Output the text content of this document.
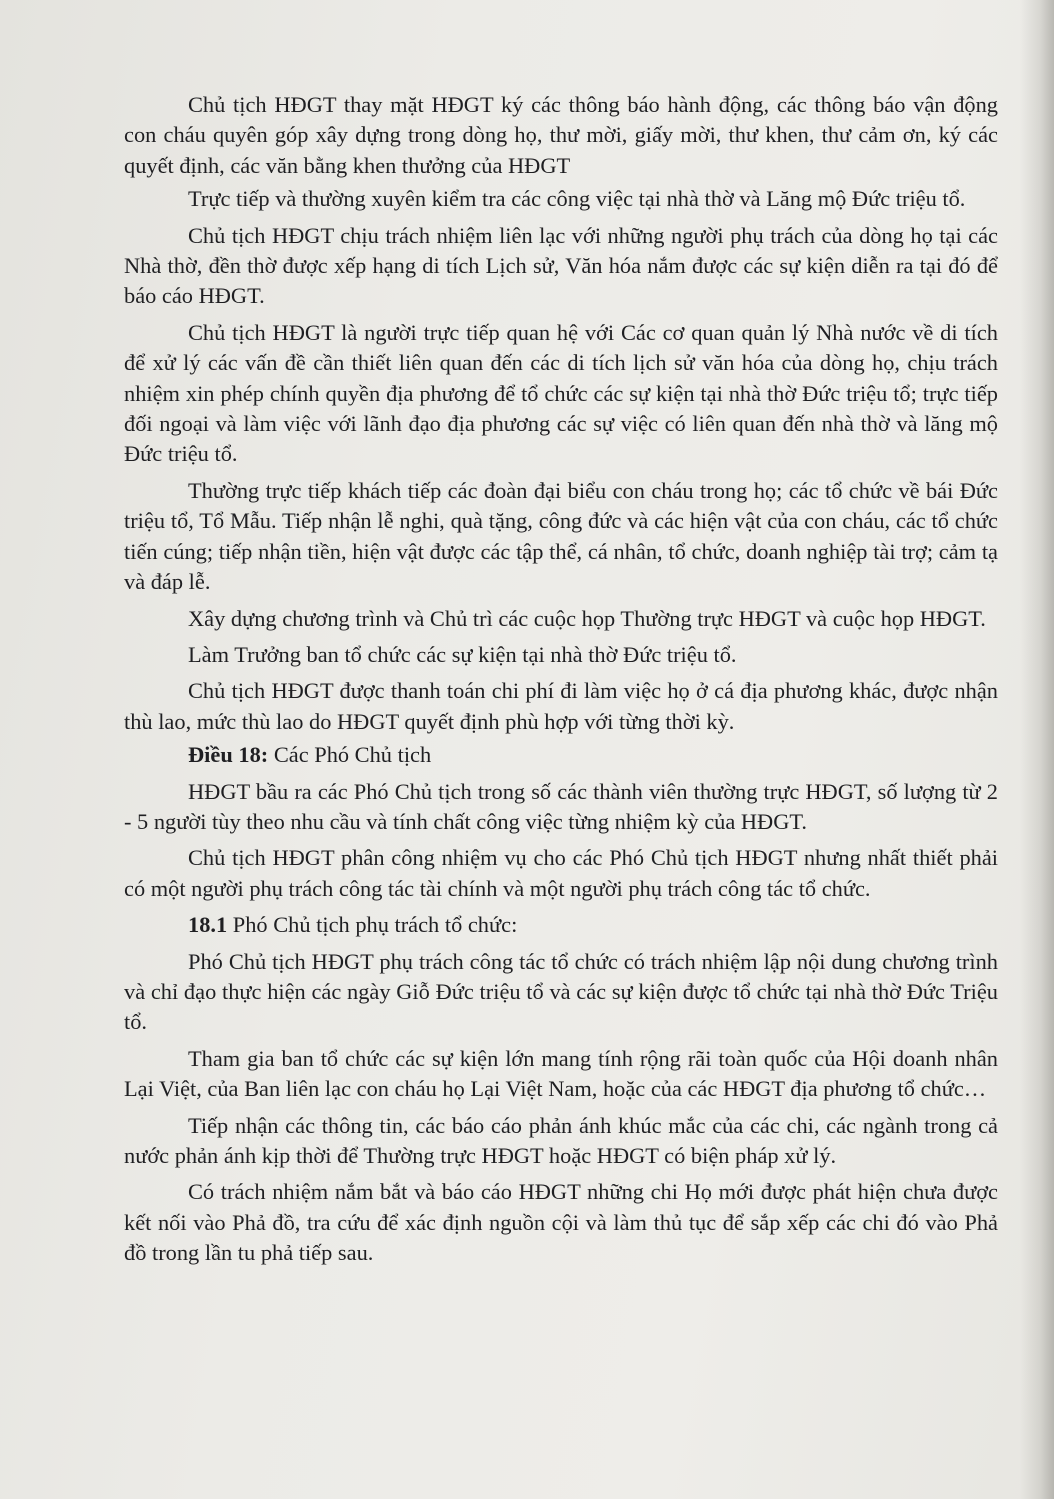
Chủ tịch HĐGT thay mặt HĐGT ký các thông báo hành động, các thông báo vận động con cháu quyên góp xây dựng trong dòng họ, thư mời, giấy mời, thư khen, thư cảm ơn, ký các quyết định, các văn bằng khen thưởng của HĐGT

Trực tiếp và thường xuyên kiểm tra các công việc tại nhà thờ và Lăng mộ Đức triệu tổ.

Chủ tịch HĐGT chịu trách nhiệm liên lạc với những người phụ trách của dòng họ tại các Nhà thờ, đền thờ được xếp hạng di tích Lịch sử, Văn hóa nắm được các sự kiện diễn ra tại đó để báo cáo HĐGT.

Chủ tịch HĐGT là người trực tiếp quan hệ với Các cơ quan quản lý Nhà nước về di tích để xử lý các vấn đề cần thiết liên quan đến các di tích lịch sử văn hóa của dòng họ, chịu trách nhiệm xin phép chính quyền địa phương để tổ chức các sự kiện tại nhà thờ Đức triệu tổ; trực tiếp đối ngoại và làm việc với lãnh đạo địa phương các sự việc có liên quan đến nhà thờ và lăng mộ Đức triệu tổ.

Thường trực tiếp khách tiếp các đoàn đại biểu con cháu trong họ; các tổ chức về bái Đức triệu tổ, Tổ Mẫu. Tiếp nhận lễ nghi, quà tặng, công đức và các hiện vật của con cháu, các tổ chức tiến cúng; tiếp nhận tiền, hiện vật được các tập thể, cá nhân, tổ chức, doanh nghiệp tài trợ; cảm tạ và đáp lễ.

Xây dựng chương trình và Chủ trì các cuộc họp Thường trực HĐGT và cuộc họp HĐGT.

Làm Trưởng ban tổ chức các sự kiện tại nhà thờ Đức triệu tổ.

Chủ tịch HĐGT được thanh toán chi phí đi làm việc họ ở cá địa phương khác, được nhận thù lao, mức thù lao do HĐGT quyết định phù hợp với từng thời kỳ.

Điều 18: Các Phó Chủ tịch

HĐGT bầu ra các Phó Chủ tịch trong số các thành viên thường trực HĐGT, số lượng từ 2 - 5 người tùy theo nhu cầu và tính chất công việc từng nhiệm kỳ của HĐGT.

Chủ tịch HĐGT phân công nhiệm vụ cho các Phó Chủ tịch HĐGT nhưng nhất thiết phải có một người phụ trách công tác tài chính và một người phụ trách công tác tổ chức.

18.1 Phó Chủ tịch phụ trách tổ chức:

Phó Chủ tịch HĐGT phụ trách công tác tổ chức có trách nhiệm lập nội dung chương trình và chỉ đạo thực hiện các ngày Giỗ Đức triệu tổ và các sự kiện được tổ chức tại nhà thờ Đức Triệu tổ.

Tham gia ban tổ chức các sự kiện lớn mang tính rộng rãi toàn quốc của Hội doanh nhân Lại Việt, của Ban liên lạc con cháu họ Lại Việt Nam, hoặc của các HĐGT địa phương tổ chức…

Tiếp nhận các thông tin, các báo cáo phản ánh khúc mắc của các chi, các ngành trong cả nước phản ánh kịp thời để Thường trực HĐGT hoặc HĐGT có biện pháp xử lý.

Có trách nhiệm nắm bắt và báo cáo HĐGT những chi Họ mới được phát hiện chưa được kết nối vào Phả đồ, tra cứu để xác định nguồn cội và làm thủ tục để sắp xếp các chi đó vào Phả đồ trong lần tu phả tiếp sau.
